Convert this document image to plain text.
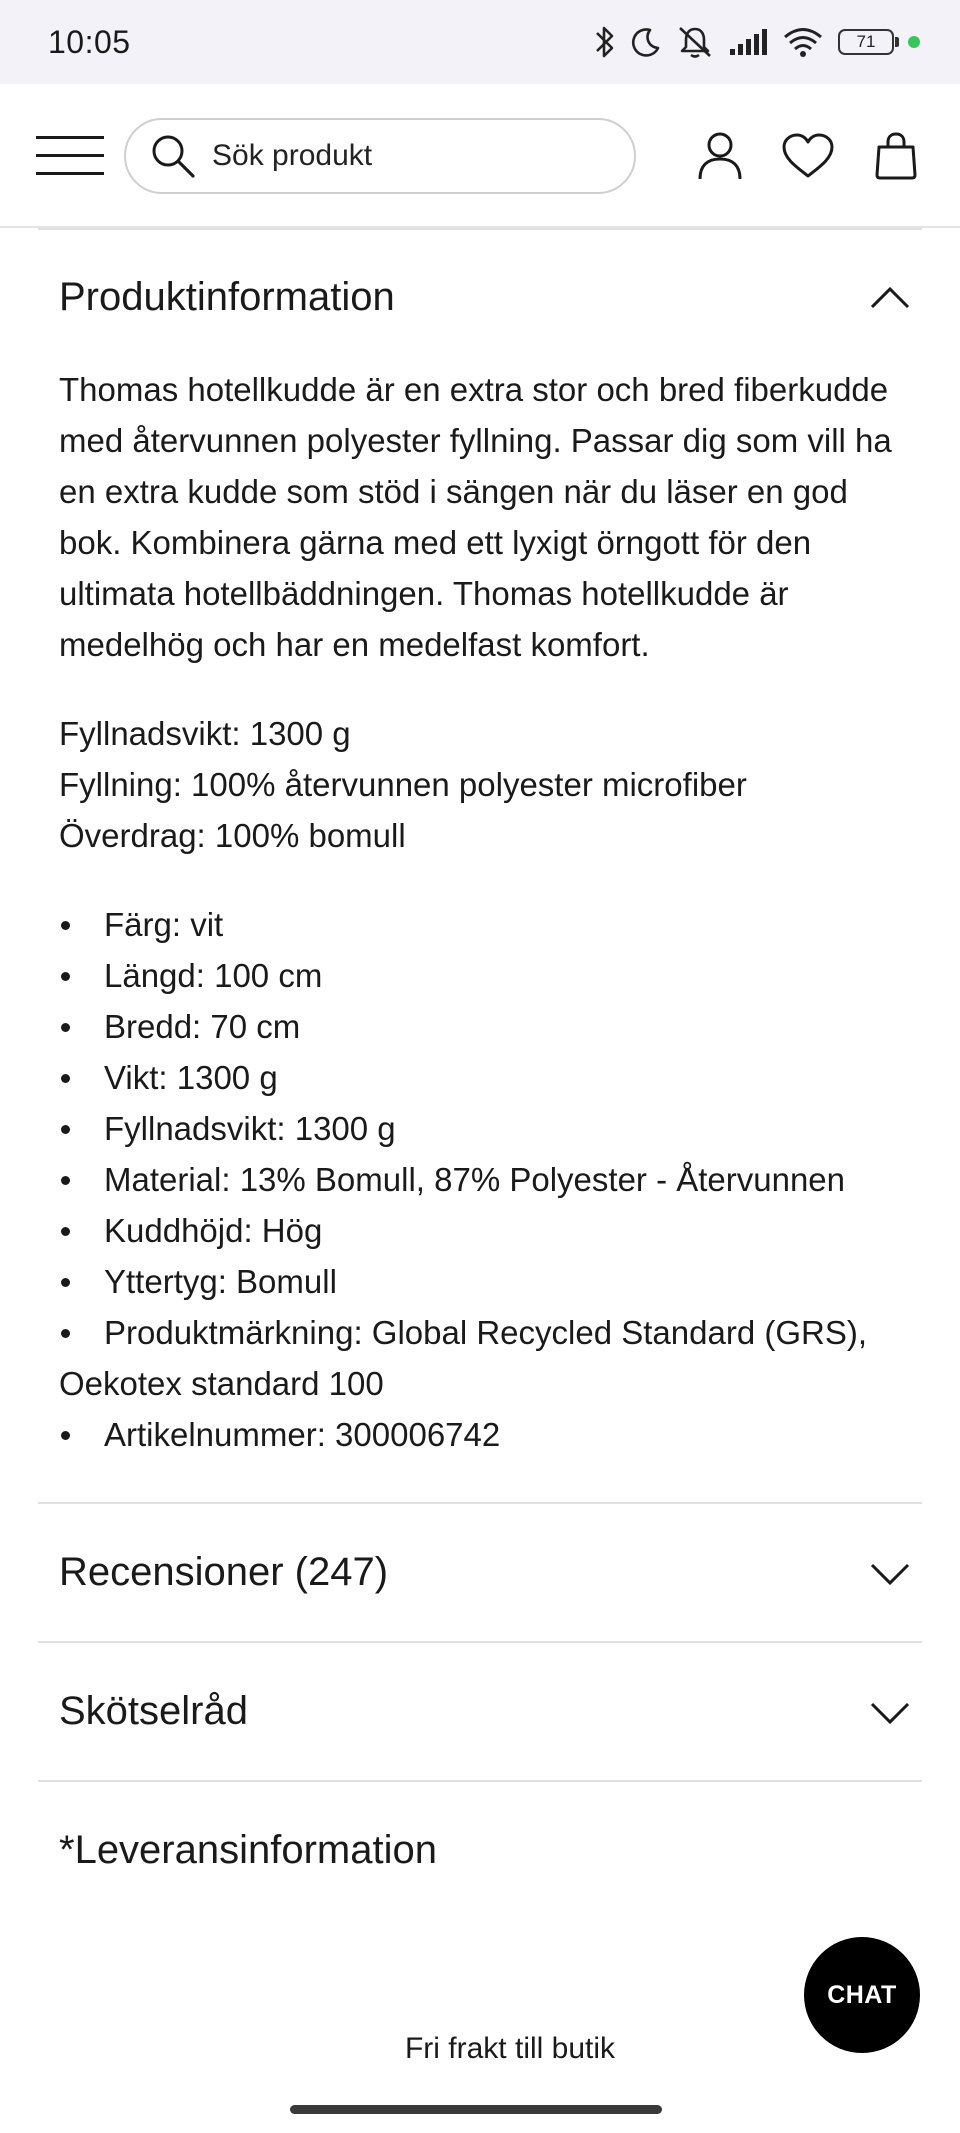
10:05	71
Sök produkt
Produktinformation

Thomas hotellkudde är en extra stor och bred fiberkudde med återvunnen polyester fyllning. Passar dig som vill ha en extra kudde som stöd i sängen när du läser en god bok. Kombinera gärna med ett lyxigt örngott för den ultimata hotellbäddningen. Thomas hotellkudde är medelhög och har en medelfast komfort.

Fyllnadsvikt: 1300 g
Fyllning: 100% återvunnen polyester microfiber
Överdrag: 100% bomull
Färg: vit
Längd: 100 cm
Bredd: 70 cm
Vikt: 1300 g
Fyllnadsvikt: 1300 g
Material: 13% Bomull, 87% Polyester - Återvunnen
Kuddhöjd: Hög
Yttertyg: Bomull
Produktmärkning: Global Recycled Standard (GRS), Oekotex standard 100
Artikelnummer: 300006742
Recensioner (247)
Skötselråd
*Leveransinformation
Fri frakt till butik
CHAT
